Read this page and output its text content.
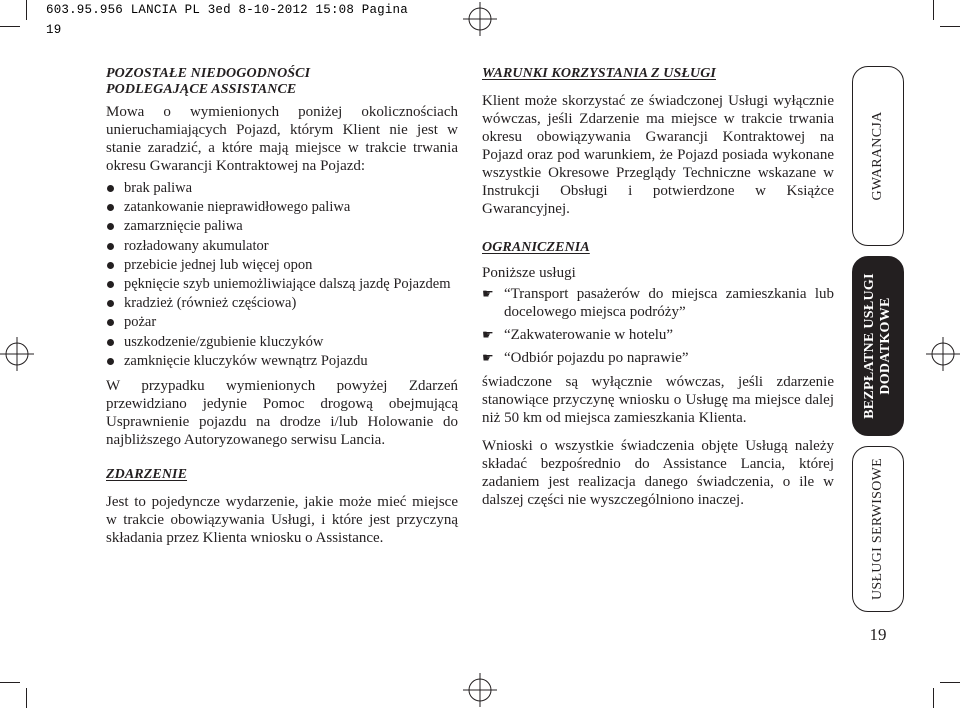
603.95.956 LANCIA PL 3ed 8-10-2012 15:08 Pagina 19
POZOSTAŁE NIEDOGODNOŚCI
PODLEGAJĄCE ASSISTANCE

Mowa o wymienionych poniżej okolicznościach unieruchamiających Pojazd, którym Klient nie jest w stanie zaradzić, a które mają miejsce w trakcie trwania okresu Gwarancji Kontraktowej na Pojazd:

brak paliwa
zatankowanie nieprawidłowego paliwa
zamarznięcie paliwa
rozładowany akumulator
przebicie jednej lub więcej opon
pęknięcie szyb uniemożliwiające dalszą jazdę Pojazdem
kradzież (również częściowa)
pożar
uszkodzenie/zgubienie kluczyków
zamknięcie kluczyków wewnątrz Pojazdu

W przypadku wymienionych powyżej Zdarzeń przewidziano jedynie Pomoc drogową obejmującą Usprawnienie pojazdu na drodze i/lub Holowanie do najbliższego Autoryzowanego serwisu Lancia.

ZDARZENIE

Jest to pojedyncze wydarzenie, jakie może mieć miejsce w trakcie obowiązywania Usługi, i które jest przyczyną składania przez Klienta wniosku o Assistance.

WARUNKI KORZYSTANIA Z USŁUGI

Klient może skorzystać ze świadczonej Usługi wyłącznie wówczas, jeśli Zdarzenie ma miejsce w trakcie trwania okresu obowiązywania Gwarancji Kontraktowej na Pojazd oraz pod warunkiem, że Pojazd posiada wykonane wszystkie Okresowe Przeglądy Techniczne wskazane w Instrukcji Obsługi i potwierdzone w Książce Gwarancyjnej.

OGRANICZENIA

Poniższe usługi

☛ “Transport pasażerów do miejsca zamieszkania lub docelowego miejsca podróży”
☛ “Zakwaterowanie w hotelu”
☛ “Odbiór pojazdu po naprawie”

świadczone są wyłącznie wówczas, jeśli zdarzenie stanowiące przyczynę wniosku o Usługę ma miejsce dalej niż 50 km od miejsca zamieszkania Klienta.

Wnioski o wszystkie świadczenia objęte Usługą należy składać bezpośrednio do Assistance Lancia, której zadaniem jest realizacja danego świadczenia, o ile w dalszej części nie wyszczególniono inaczej.

GWARANCJA
BEZPŁATNE USŁUGI DODATKOWE
USŁUGI SERWISOWE
19
